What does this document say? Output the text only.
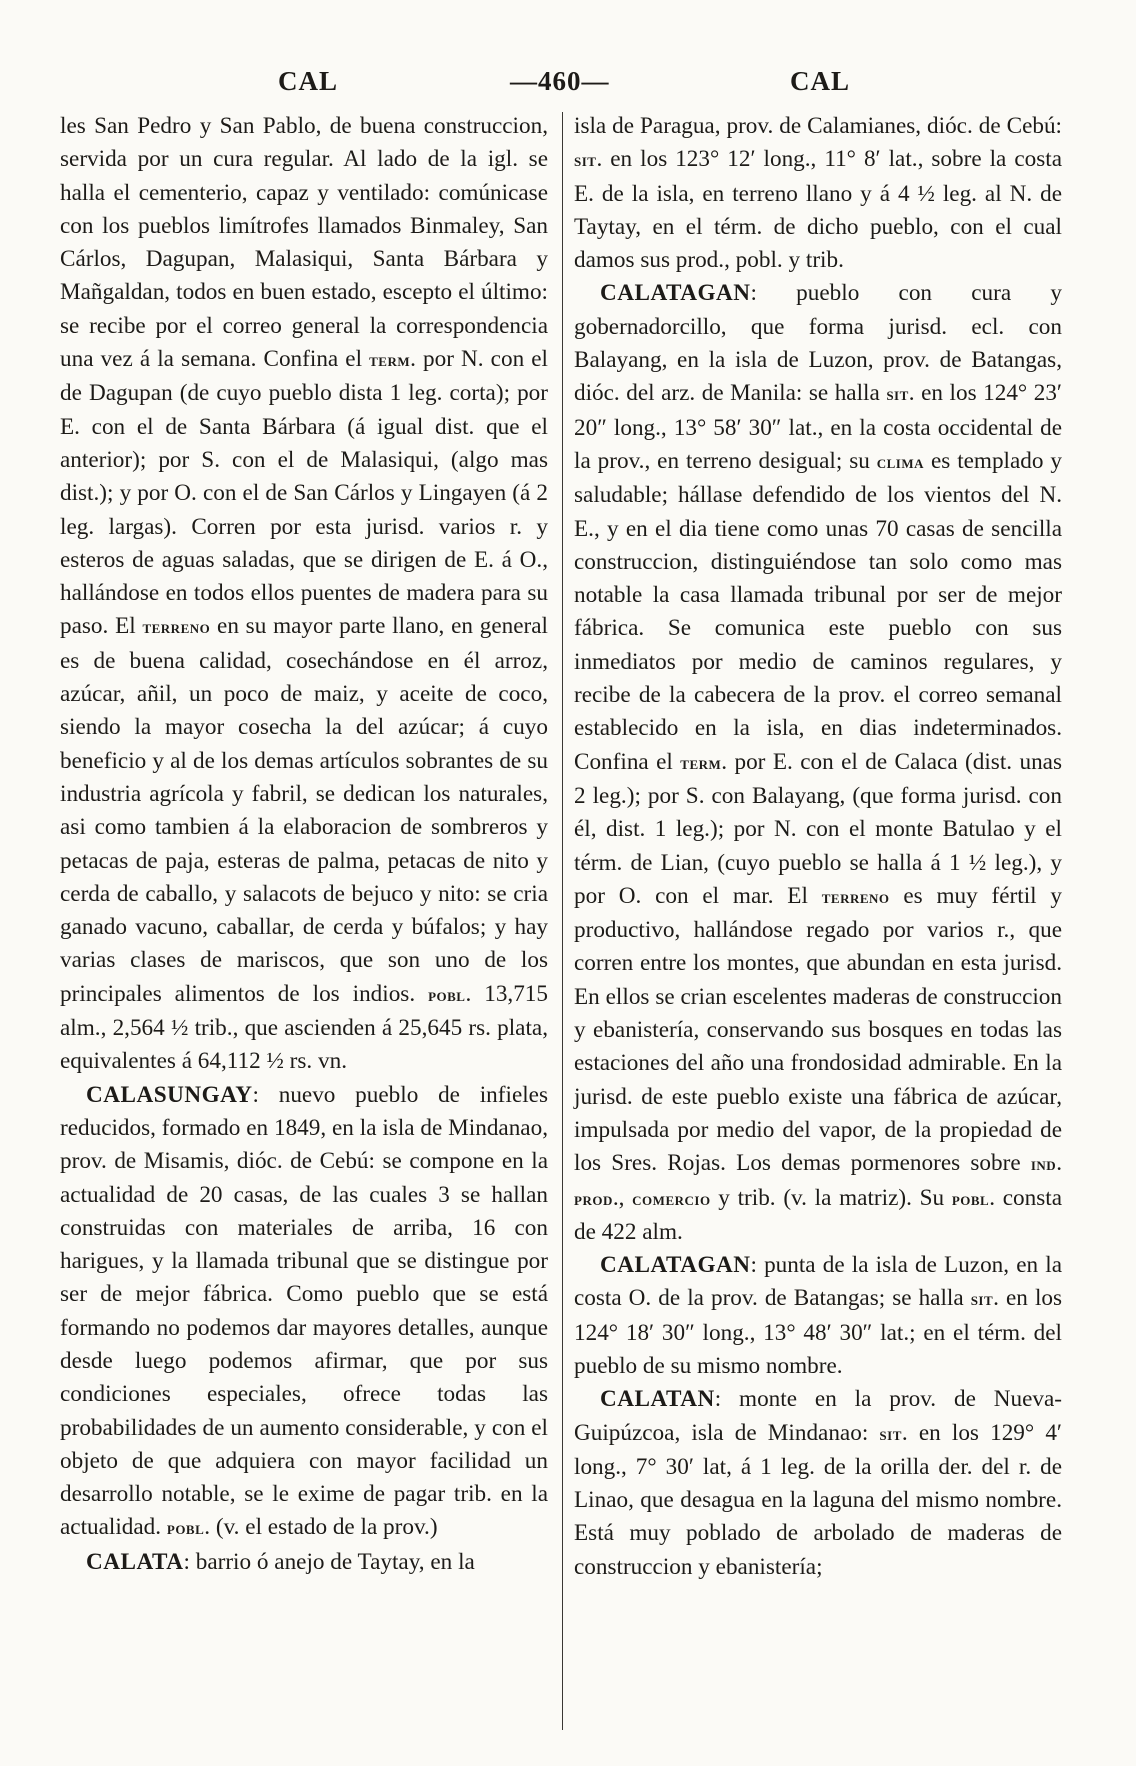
CAL	—460—	CAL

les San Pedro y San Pablo, de buena construccion, servida por un cura regular. Al lado de la igl. se halla el cementerio, capaz y ventilado: comúnicase con los pueblos limítrofes llamados Binmaley, San Cárlos, Dagupan, Malasiqui, Santa Bárbara y Mañgaldan, todos en buen estado, escepto el último: se recibe por el correo general la correspondencia una vez á la semana. Confina el term. por N. con el de Dagupan (de cuyo pueblo dista 1 leg. corta); por E. con el de Santa Bárbara (á igual dist. que el anterior); por S. con el de Malasiqui, (algo mas dist.); y por O. con el de San Cárlos y Lingayen (á 2 leg. largas). Corren por esta jurisd. varios r. y esteros de aguas saladas, que se dirigen de E. á O., hallándose en todos ellos puentes de madera para su paso. El terreno en su mayor parte llano, en general es de buena calidad, cosechándose en él arroz, azúcar, añil, un poco de maiz, y aceite de coco, siendo la mayor cosecha la del azúcar; á cuyo beneficio y al de los demas artículos sobrantes de su industria agrícola y fabril, se dedican los naturales, asi como tambien á la elaboracion de sombreros y petacas de paja, esteras de palma, petacas de nito y cerda de caballo, y salacots de bejuco y nito: se cria ganado vacuno, caballar, de cerda y búfalos; y hay varias clases de mariscos, que son uno de los principales alimentos de los indios. pobl. 13,715 alm., 2,564 ½ trib., que ascienden á 25,645 rs. plata, equivalentes á 64,112 ½ rs. vn.

CALASUNGAY: nuevo pueblo de infieles reducidos, formado en 1849, en la isla de Mindanao, prov. de Misamis, dióc. de Cebú: se compone en la actualidad de 20 casas, de las cuales 3 se hallan construidas con materiales de arriba, 16 con harigues, y la llamada tribunal que se distingue por ser de mejor fábrica. Como pueblo que se está formando no podemos dar mayores detalles, aunque desde luego podemos afirmar, que por sus condiciones especiales, ofrece todas las probabilidades de un aumento considerable, y con el objeto de que adquiera con mayor facilidad un desarrollo notable, se le exime de pagar trib. en la actualidad. pobl. (v. el estado de la prov.)

CALATA: barrio ó anejo de Taytay, en la

isla de Paragua, prov. de Calamianes, dióc. de Cebú: sit. en los 123° 12′ long., 11° 8′ lat., sobre la costa E. de la isla, en terreno llano y á 4 ½ leg. al N. de Taytay, en el térm. de dicho pueblo, con el cual damos sus prod., pobl. y trib.

CALATAGAN: pueblo con cura y gobernadorcillo, que forma jurisd. ecl. con Balayang, en la isla de Luzon, prov. de Batangas, dióc. del arz. de Manila: se halla sit. en los 124° 23′ 20″ long., 13° 58′ 30″ lat., en la costa occidental de la prov., en terreno desigual; su clima es templado y saludable; hállase defendido de los vientos del N. E., y en el dia tiene como unas 70 casas de sencilla construccion, distinguiéndose tan solo como mas notable la casa llamada tribunal por ser de mejor fábrica. Se comunica este pueblo con sus inmediatos por medio de caminos regulares, y recibe de la cabecera de la prov. el correo semanal establecido en la isla, en dias indeterminados. Confina el term. por E. con el de Calaca (dist. unas 2 leg.); por S. con Balayang, (que forma jurisd. con él, dist. 1 leg.); por N. con el monte Batulao y el térm. de Lian, (cuyo pueblo se halla á 1 ½ leg.), y por O. con el mar. El terreno es muy fértil y productivo, hallándose regado por varios r., que corren entre los montes, que abundan en esta jurisd. En ellos se crian escelentes maderas de construccion y ebanistería, conservando sus bosques en todas las estaciones del año una frondosidad admirable. En la jurisd. de este pueblo existe una fábrica de azúcar, impulsada por medio del vapor, de la propiedad de los Sres. Rojas. Los demas pormenores sobre ind. prod., comercio y trib. (v. la matriz). Su pobl. consta de 422 alm.

CALATAGAN: punta de la isla de Luzon, en la costa O. de la prov. de Batangas; se halla sit. en los 124° 18′ 30″ long., 13° 48′ 30″ lat.; en el térm. del pueblo de su mismo nombre.

CALATAN: monte en la prov. de Nueva-Guipúzcoa, isla de Mindanao: sit. en los 129° 4′ long., 7° 30′ lat, á 1 leg. de la orilla der. del r. de Linao, que desagua en la laguna del mismo nombre. Está muy poblado de arbolado de maderas de construccion y ebanistería;
